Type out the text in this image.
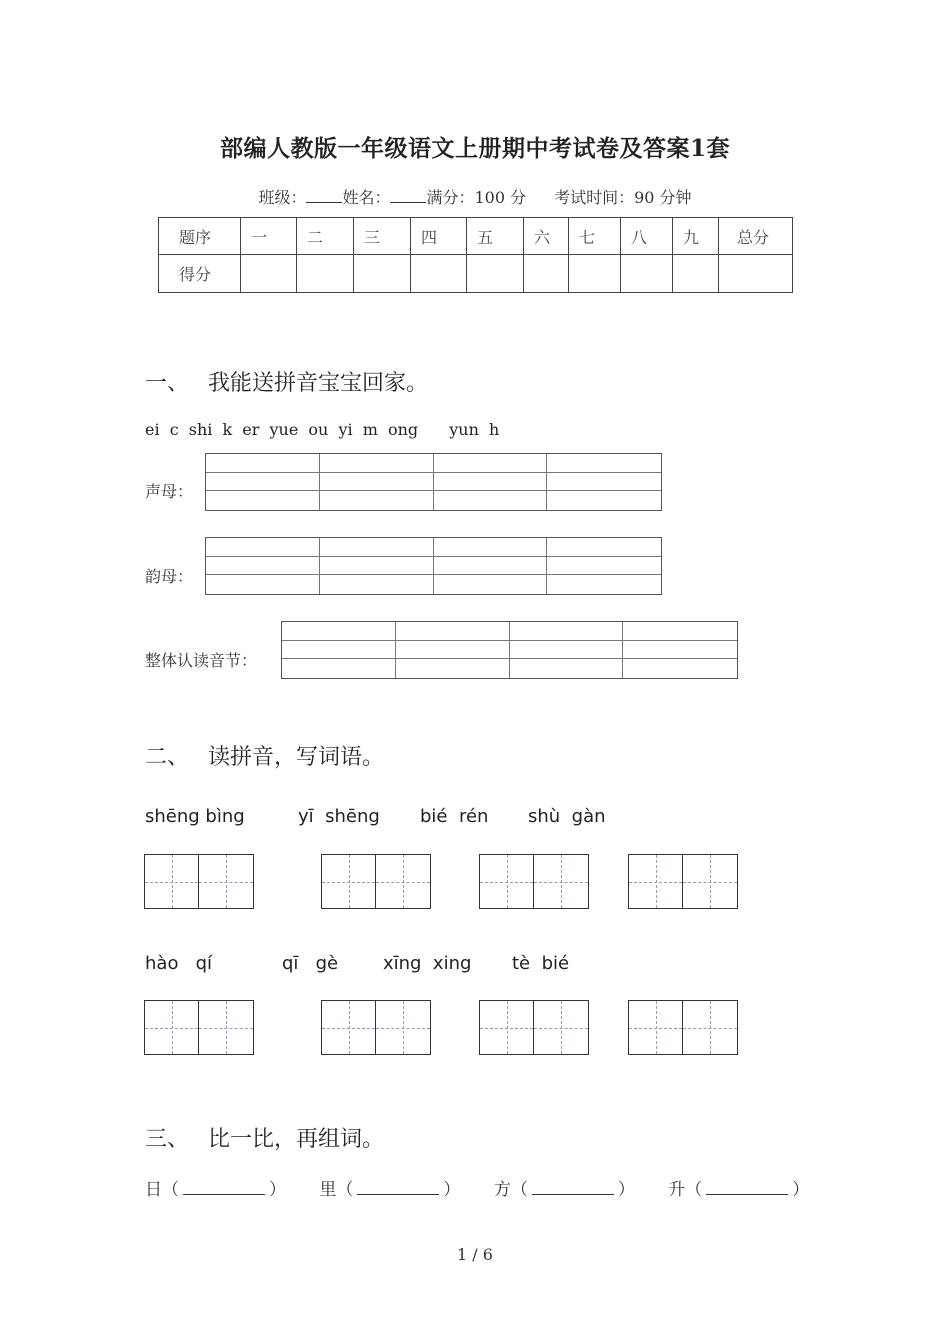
部编人教版一年级语文上册期中考试卷及答案1套
班级： 姓名： 满分：100 分 考试时间：90 分钟
题序	一	二	三	四	五	六	七	八	九	总分
得分										
一、 我能送拼音宝宝回家。
ei c shi k er yue ou yi m ong yun h
声母：
韵母：
整体认读音节：
二、 读拼音，写词语。
shēng bìng	yī  shēng bié  rén shù  gàn
hào   qí	qī   gè xīng  xing tè  bié
三、 比一比，再组词。
日（	） 里（	） 方（	） 升（	）
1 / 6
